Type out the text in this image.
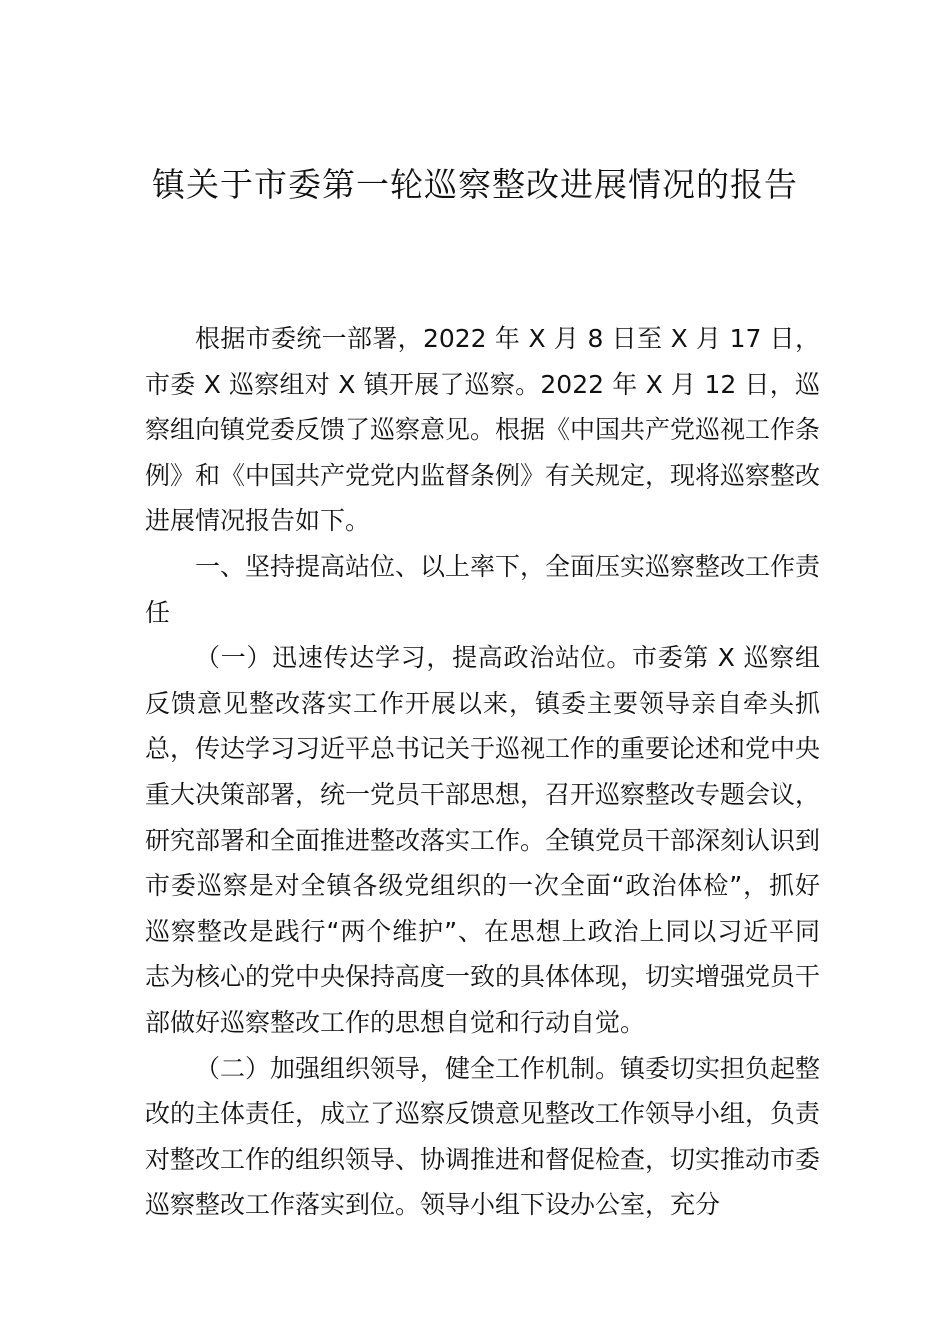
镇关于市委第一轮巡察整改进展情况的报告

根据市委统一部署，2022 年 X 月 8 日至 X 月 17 日，市委 X 巡察组对 X 镇开展了巡察。2022 年 X 月 12 日，巡察组向镇党委反馈了巡察意见。根据《中国共产党巡视工作条例》和《中国共产党党内监督条例》有关规定，现将巡察整改进展情况报告如下。

一、坚持提高站位、以上率下，全面压实巡察整改工作责任

（一）迅速传达学习，提高政治站位。市委第 X 巡察组反馈意见整改落实工作开展以来，镇委主要领导亲自牵头抓总，传达学习习近平总书记关于巡视工作的重要论述和党中央重大决策部署，统一党员干部思想，召开巡察整改专题会议，研究部署和全面推进整改落实工作。全镇党员干部深刻认识到市委巡察是对全镇各级党组织的一次全面“政治体检”，抓好巡察整改是践行“两个维护”、在思想上政治上同以习近平同志为核心的党中央保持高度一致的具体体现，切实增强党员干部做好巡察整改工作的思想自觉和行动自觉。

（二）加强组织领导，健全工作机制。镇委切实担负起整改的主体责任，成立了巡察反馈意见整改工作领导小组，负责对整改工作的组织领导、协调推进和督促检查，切实推动市委巡察整改工作落实到位。领导小组下设办公室，充分
